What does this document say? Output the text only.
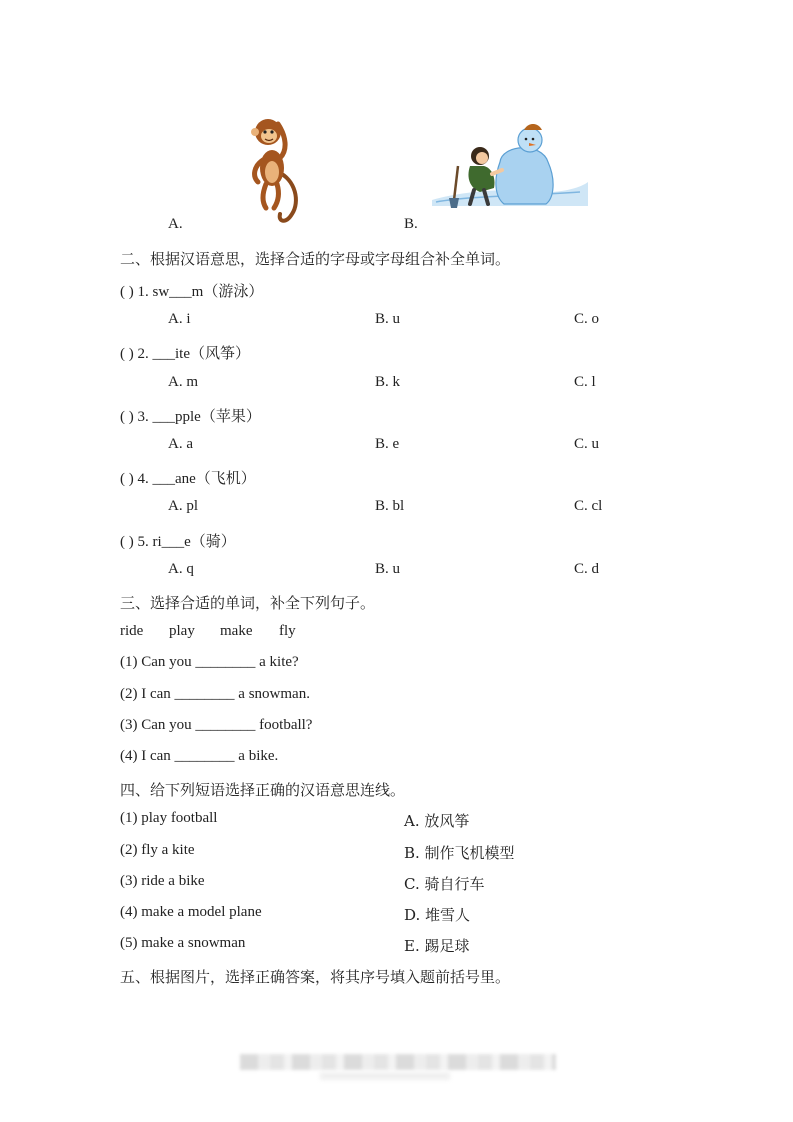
A.	B.
二、根据汉语意思，选择合适的字母或字母组合补全单词。
( ) 1. sw___m（游泳）
A. i	B. u	C. o
( ) 2. ___ite（风筝）
A. m	B. k	C. l
( ) 3. ___pple（苹果）
A. a	B. e	C. u
( ) 4. ___ane（飞机）
A. pl	B. bl	C. cl
( ) 5. ri___e（骑）
A. q	B. u	C. d
三、选择合适的单词，补全下列句子。
ride play make fly
(1) Can you ________ a kite?
(2) I can ________ a snowman.
(3) Can you ________ football?
(4) I can ________ a bike.
四、给下列短语选择正确的汉语意思连线。
(1) play football	A. 放风筝
(2) fly a kite	B. 制作飞机模型
(3) ride a bike	C. 骑自行车
(4) make a model plane	D. 堆雪人
(5) make a snowman	E. 踢足球
五、根据图片，选择正确答案，将其序号填入题前括号里。
